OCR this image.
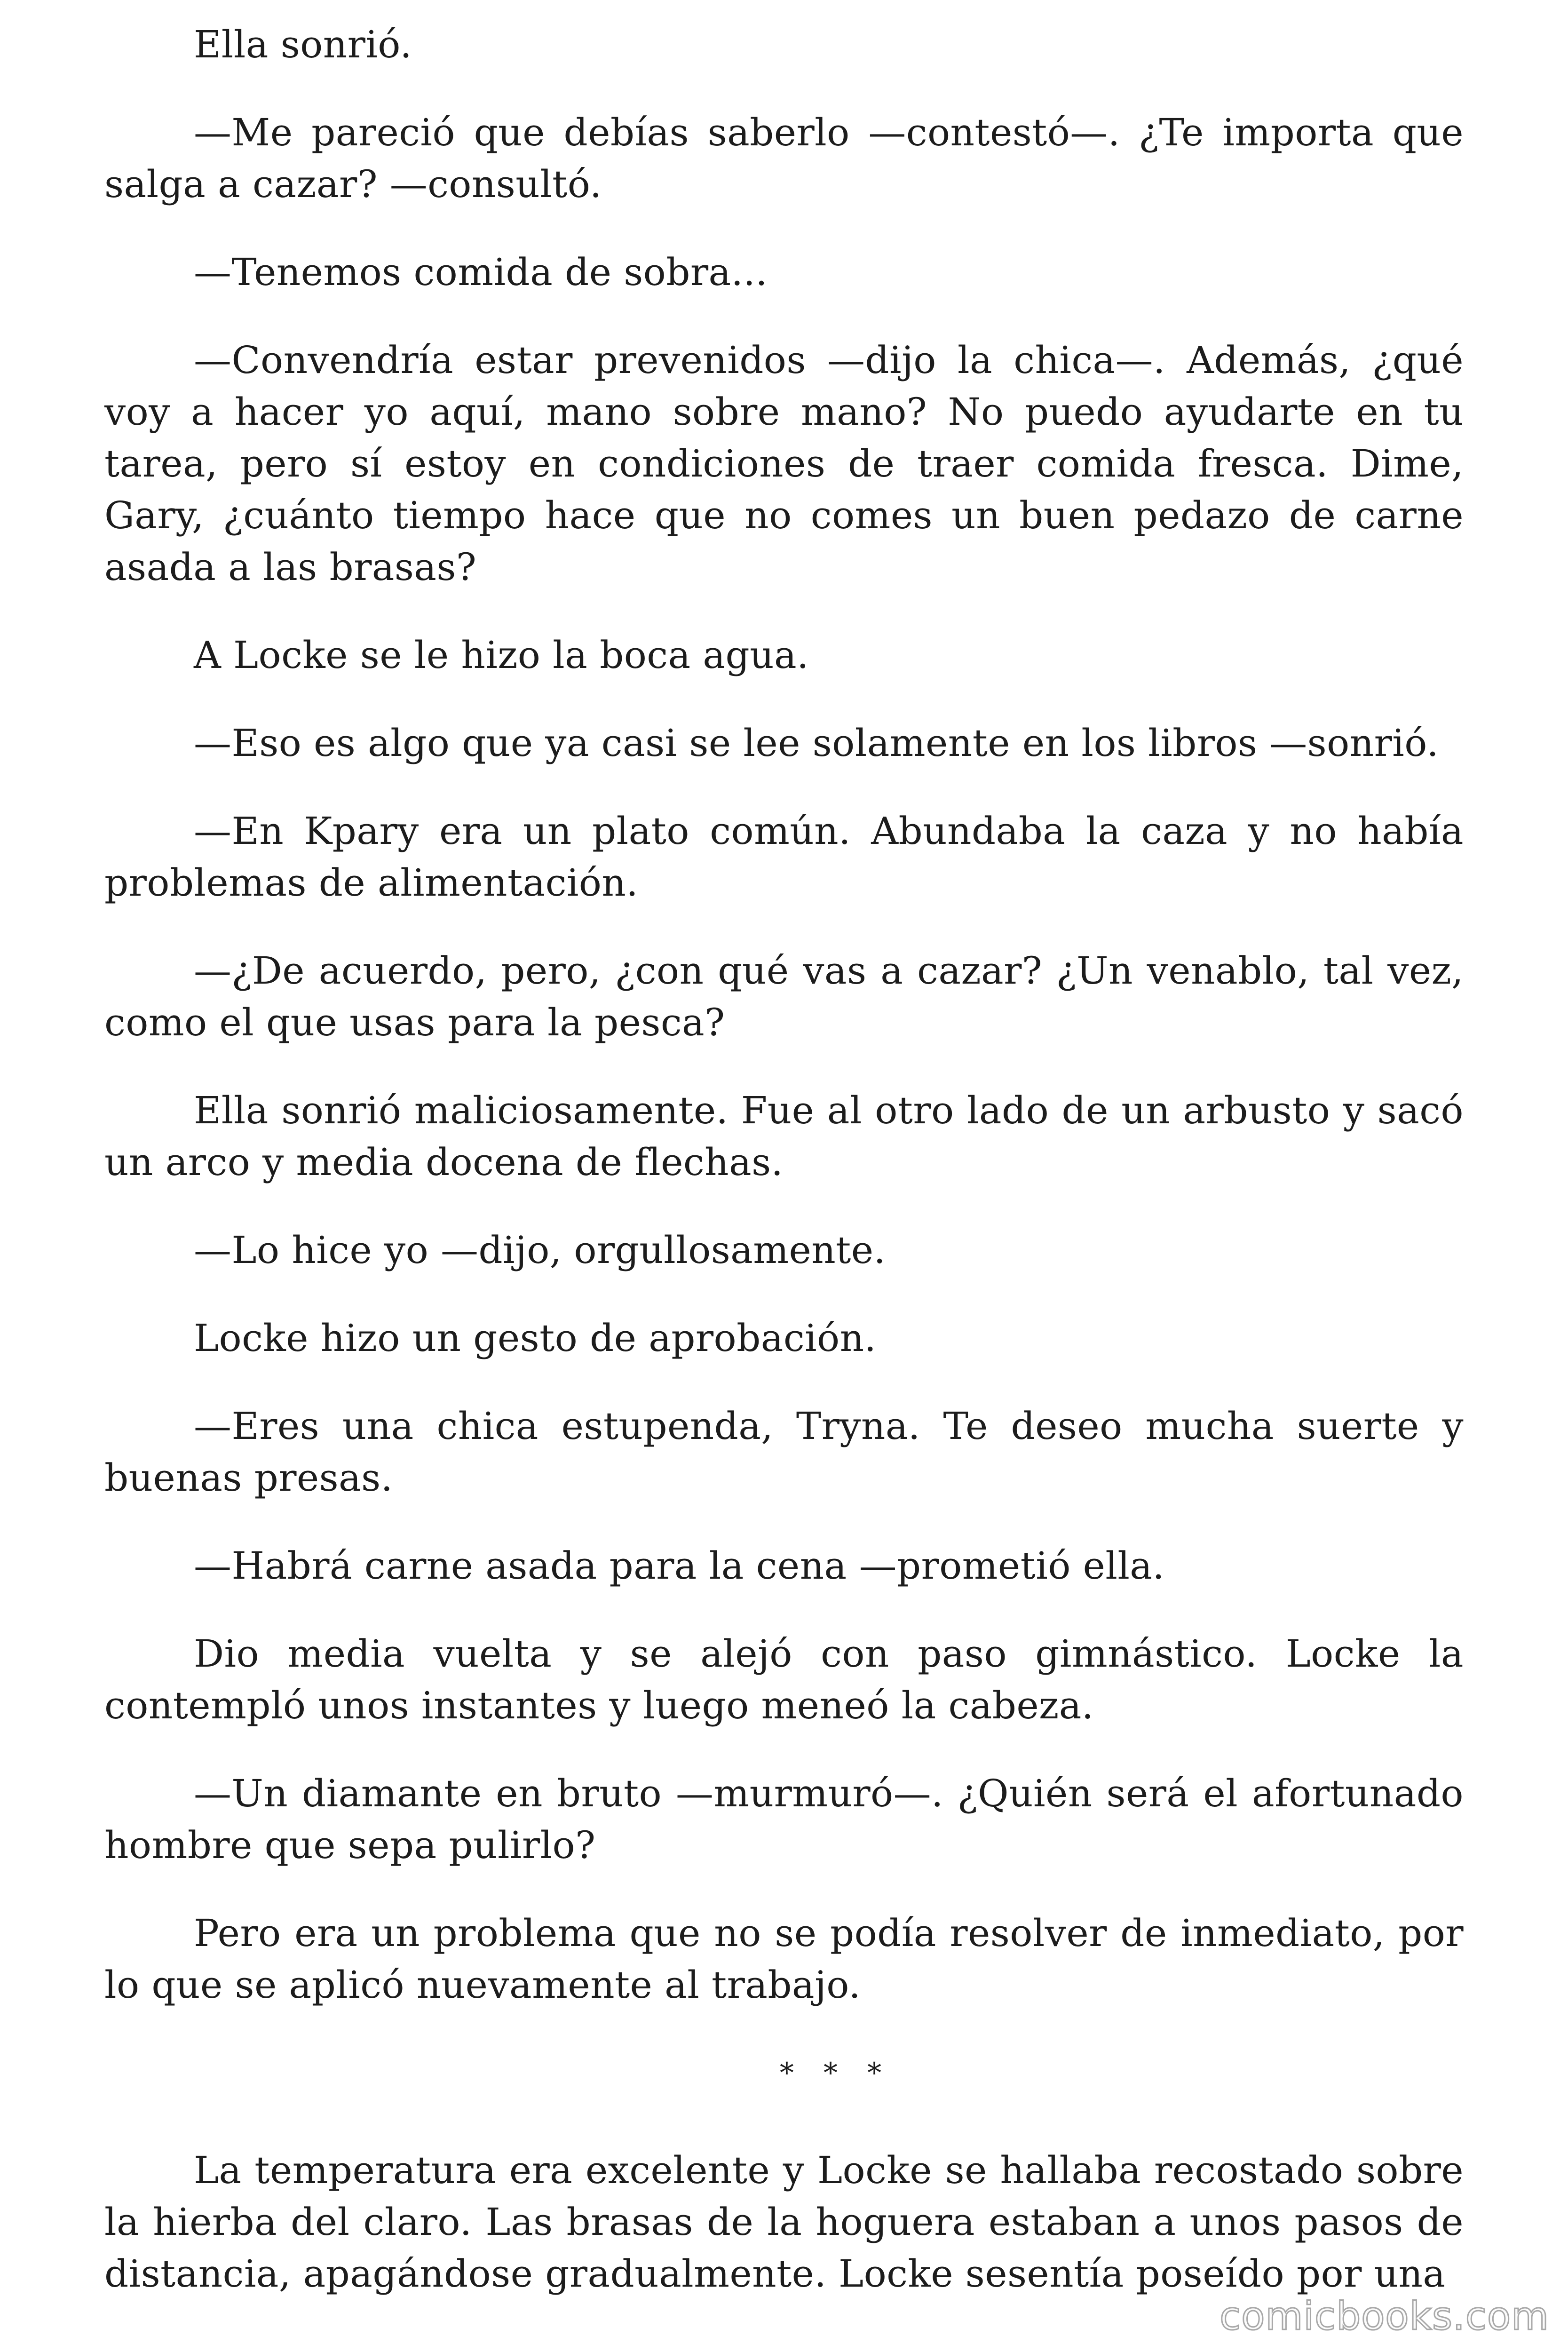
Ella sonrió.

—Me pareció que debías saberlo —contestó—. ¿Te importa que salga a cazar? —consultó.

—Tenemos comida de sobra...

—Convendría estar prevenidos —dijo la chica—. Además, ¿qué voy a hacer yo aquí, mano sobre mano? No puedo ayudarte en tu tarea, pero sí estoy en condiciones de traer comida fresca. Dime, Gary, ¿cuánto tiempo hace que no comes un buen pedazo de carne asada a las brasas?

A Locke se le hizo la boca agua.

—Eso es algo que ya casi se lee solamente en los libros —sonrió.

—En Kpary era un plato común. Abundaba la caza y no había problemas de alimentación.

—¿De acuerdo, pero, ¿con qué vas a cazar? ¿Un venablo, tal vez, como el que usas para la pesca?

Ella sonrió maliciosamente. Fue al otro lado de un arbusto y sacó un arco y media docena de flechas.

—Lo hice yo —dijo, orgullosamente.

Locke hizo un gesto de aprobación.

—Eres una chica estupenda, Tryna. Te deseo mucha suerte y buenas presas.

—Habrá carne asada para la cena —prometió ella.

Dio media vuelta y se alejó con paso gimnástico. Locke la contempló unos instantes y luego meneó la cabeza.

—Un diamante en bruto —murmuró—. ¿Quién será el afortunado hombre que sepa pulirlo?

Pero era un problema que no se podía resolver de inmediato, por lo que se aplicó nuevamente al trabajo.

* * *

La temperatura era excelente y Locke se hallaba recostado sobre la hierba del claro. Las brasas de la hoguera estaban a unos pasos de distancia, apagándose gradualmente. Locke sesentía poseído por una

comicbooks.com
